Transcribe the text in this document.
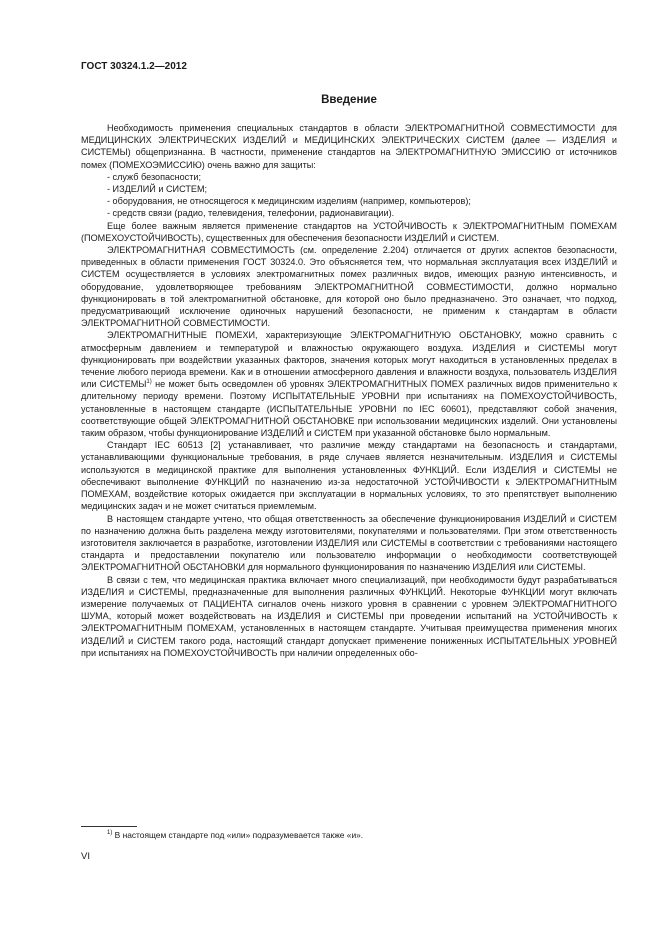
ГОСТ 30324.1.2—2012
Введение

Необходимость применения специальных стандартов в области ЭЛЕКТРОМАГНИТНОЙ СОВМЕСТИМОСТИ для МЕДИЦИНСКИХ ЭЛЕКТРИЧЕСКИХ ИЗДЕЛИЙ и МЕДИЦИНСКИХ ЭЛЕКТРИЧЕСКИХ СИСТЕМ (далее — ИЗДЕЛИЯ и СИСТЕМЫ) общепризнанна. В частности, применение стандартов на ЭЛЕКТРОМАГНИТНУЮ ЭМИССИЮ от источников помех (ПОМЕХОЭМИССИЮ) очень важно для защиты:

- служб безопасности;

- ИЗДЕЛИЙ и СИСТЕМ;

- оборудования, не относящегося к медицинским изделиям (например, компьютеров);

- средств связи (радио, телевидения, телефонии, радионавигации).

Еще более важным является применение стандартов на УСТОЙЧИВОСТЬ к ЭЛЕКТРОМАГНИТНЫМ ПОМЕХАМ (ПОМЕХОУСТОЙЧИВОСТЬ), существенных для обеспечения безопасности ИЗДЕЛИЙ и СИСТЕМ.

ЭЛЕКТРОМАГНИТНАЯ СОВМЕСТИМОСТЬ (см. определение 2.204) отличается от других аспектов безопасности, приведенных в области применения ГОСТ 30324.0. Это объясняется тем, что нормальная эксплуатация всех ИЗДЕЛИЙ и СИСТЕМ осуществляется в условиях электромагнитных помех различных видов, имеющих разную интенсивность, и оборудование, удовлетворяющее требованиям ЭЛЕКТРОМАГНИТНОЙ СОВМЕСТИМОСТИ, должно нормально функционировать в той электромагнитной обстановке, для которой оно было предназначено. Это означает, что подход, предусматривающий исключение одиночных нарушений безопасности, не применим к стандартам в области ЭЛЕКТРОМАГНИТНОЙ СОВМЕСТИМОСТИ.

ЭЛЕКТРОМАГНИТНЫЕ ПОМЕХИ, характеризующие ЭЛЕКТРОМАГНИТНУЮ ОБСТАНОВКУ, можно сравнить с атмосферным давлением и температурой и влажностью окружающего воздуха. ИЗДЕЛИЯ и СИСТЕМЫ могут функционировать при воздействии указанных факторов, значения которых могут находиться в установленных пределах в течение любого периода времени. Как и в отношении атмосферного давления и влажности воздуха, пользователь ИЗДЕЛИЯ или СИСТЕМЫ$^{1)}$ не может быть осведомлен об уровнях ЭЛЕКТРОМАГНИТНЫХ ПОМЕХ различных видов применительно к длительному периоду времени. Поэтому ИСПЫТАТЕЛЬНЫЕ УРОВНИ при испытаниях на ПОМЕХОУСТОЙЧИВОСТЬ, установленные в настоящем стандарте (ИСПЫТАТЕЛЬНЫЕ УРОВНИ по IEC 60601), представляют собой значения, соответствующие общей ЭЛЕКТРОМАГНИТНОЙ ОБСТАНОВКЕ при использовании медицинских изделий. Они установлены таким образом, чтобы функционирование ИЗДЕЛИЙ и СИСТЕМ при указанной обстановке было нормальным.

Стандарт IEC 60513 [2] устанавливает, что различие между стандартами на безопасность и стандартами, устанавливающими функциональные требования, в ряде случаев является незначительным. ИЗДЕЛИЯ и СИСТЕМЫ используются в медицинской практике для выполнения установленных ФУНКЦИЙ. Если ИЗДЕЛИЯ и СИСТЕМЫ не обеспечивают выполнение ФУНКЦИЙ по назначению из-за недостаточной УСТОЙЧИВОСТИ к ЭЛЕКТРОМАГНИТНЫМ ПОМЕХАМ, воздействие которых ожидается при эксплуатации в нормальных условиях, то это препятствует выполнению медицинских задач и не может считаться приемлемым.

В настоящем стандарте учтено, что общая ответственность за обеспечение функционирования ИЗДЕЛИЙ и СИСТЕМ по назначению должна быть разделена между изготовителями, покупателями и пользователями. При этом ответственность изготовителя заключается в разработке, изготовлении ИЗДЕЛИЯ или СИСТЕМЫ в соответствии с требованиями настоящего стандарта и предоставлении покупателю или пользователю информации о необходимости соответствующей ЭЛЕКТРОМАГНИТНОЙ ОБСТАНОВКИ для нормального функционирования по назначению ИЗДЕЛИЯ или СИСТЕМЫ.

В связи с тем, что медицинская практика включает много специализаций, при необходимости будут разрабатываться ИЗДЕЛИЯ и СИСТЕМЫ, предназначенные для выполнения различных ФУНКЦИЙ. Некоторые ФУНКЦИИ могут включать измерение получаемых от ПАЦИЕНТА сигналов очень низкого уровня в сравнении с уровнем ЭЛЕКТРОМАГНИТНОГО ШУМА, который может воздействовать на ИЗДЕЛИЯ и СИСТЕМЫ при проведении испытаний на УСТОЙЧИВОСТЬ к ЭЛЕКТРОМАГНИТНЫМ ПОМЕХАМ, установленных в настоящем стандарте. Учитывая преимущества применения многих ИЗДЕЛИЙ и СИСТЕМ такого рода, настоящий стандарт допускает применение пониженных ИСПЫТАТЕЛЬНЫХ УРОВНЕЙ при испытаниях на ПОМЕХОУСТОЙЧИВОСТЬ при наличии определенных обо-

$^{1)}$ В настоящем стандарте под «или» подразумевается также «и».
VI
